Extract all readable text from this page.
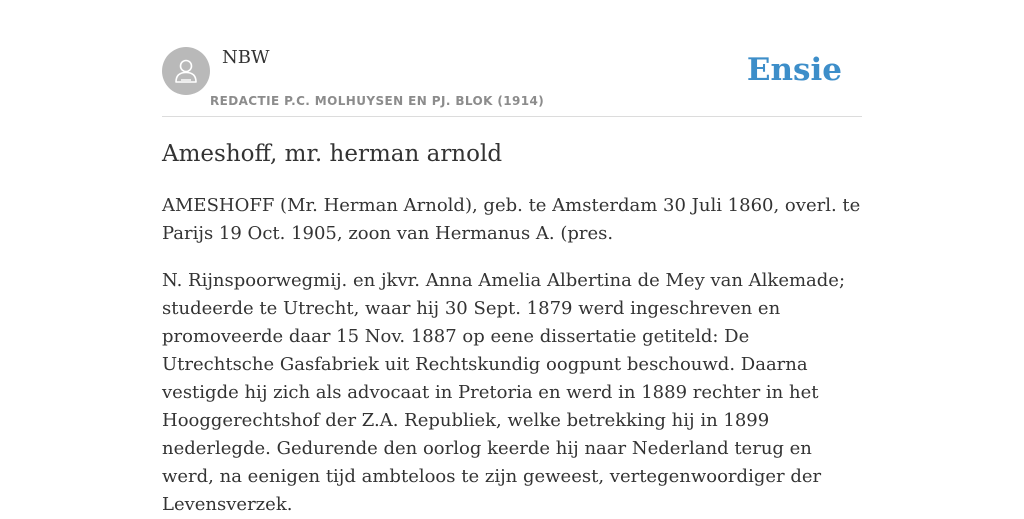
NBW
REDACTIE P.C. MOLHUYSEN EN PJ. BLOK (1914)
Ensie
Ameshoff, mr. herman arnold

AMESHOFF (Mr. Herman Arnold), geb. te Amsterdam 30 Juli 1860, overl. te Parijs 19 Oct. 1905, zoon van Hermanus A. (pres.

N. Rijnspoorwegmij. en jkvr. Anna Amelia Albertina de Mey van Alkemade; studeerde te Utrecht, waar hij 30 Sept. 1879 werd ingeschreven en promoveerde daar 15 Nov. 1887 op eene dissertatie getiteld: De Utrechtsche Gasfabriek uit Rechtskundig oogpunt beschouwd. Daarna vestigde hij zich als advocaat in Pretoria en werd in 1889 rechter in het Hooggerechtshof der Z.A. Republiek, welke betrekking hij in 1899 nederlegde. Gedurende den oorlog keerde hij naar Nederland terug en werd, na eenigen tijd ambteloos te zijn geweest, vertegenwoordiger der Levensverzek.
